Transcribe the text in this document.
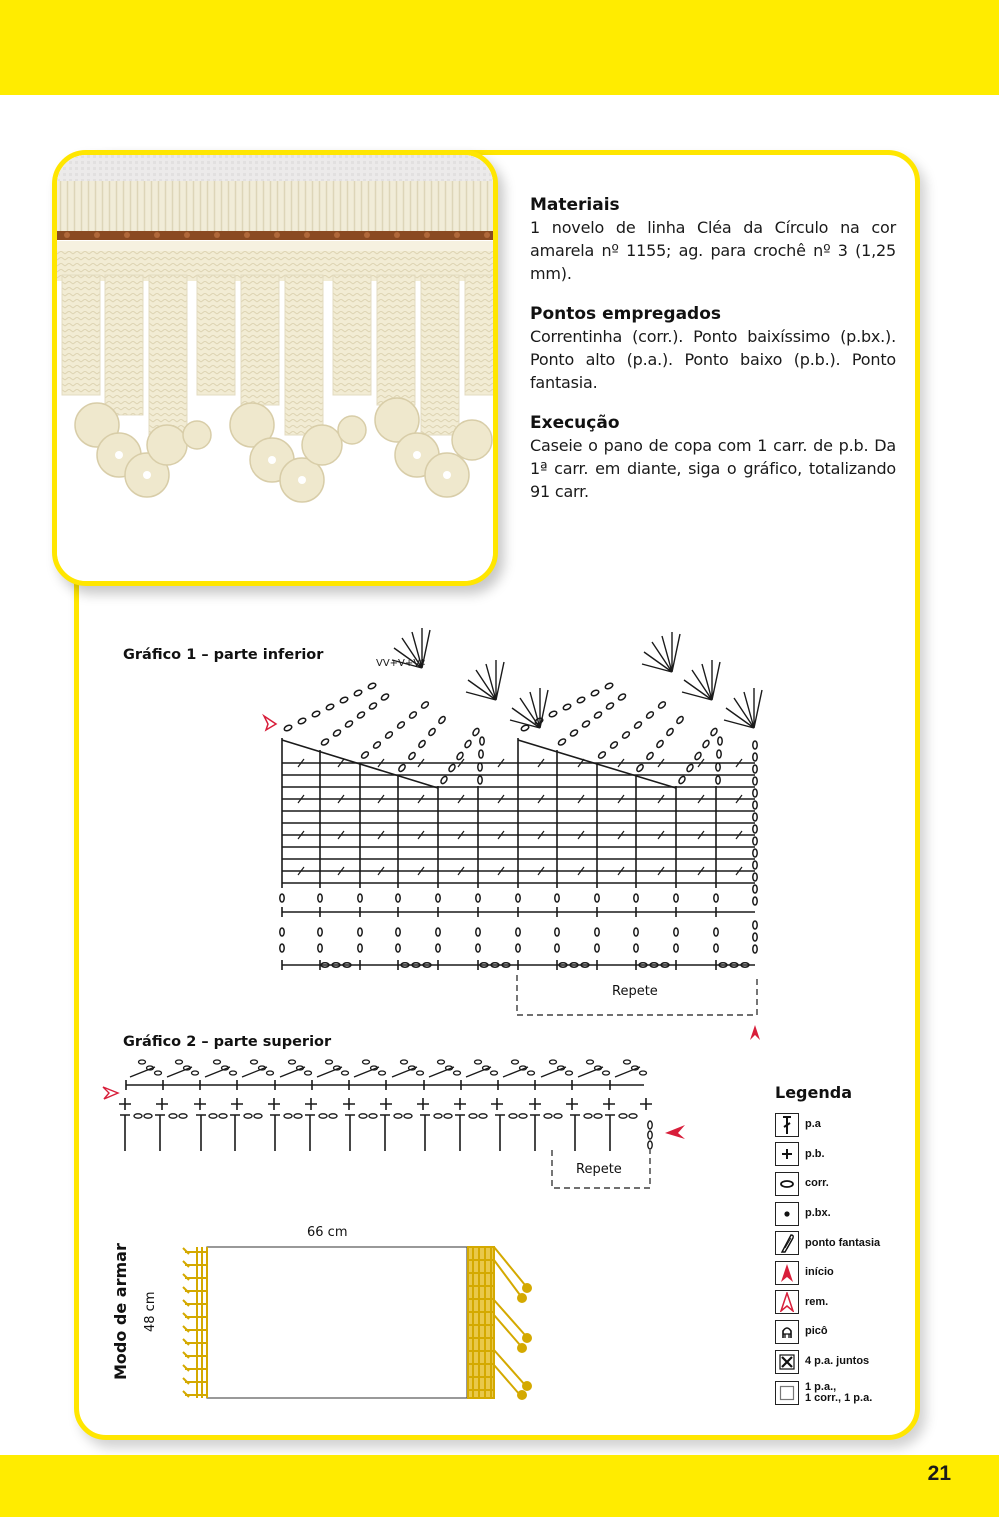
Materiais

1 novelo de linha Cléa da Círculo na cor amarela nº 1155; ag. para crochê nº 3 (1,25 mm).

Pontos empregados

Correntinha (corr.). Ponto baixíssimo (p.bx.). Ponto alto (p.a.). Ponto baixo (p.b.). Ponto fantasia.

Execução

Caseie o pano de copa com 1 carr. de p.b. Da 1ª carr. em diante, siga o gráfico, totalizando 91 carr.

Gráfico 1 – parte inferior
VV+V+V‡
Repete
Gráfico 2 – parte superior
Repete
Modo de armar 48 cm
66 cm
Legenda
p.a
p.b.
corr.
p.bx.
ponto fantasia
início
rem.
picô
4 p.a. juntos
1 p.a.,
1 corr., 1 p.a.
21
